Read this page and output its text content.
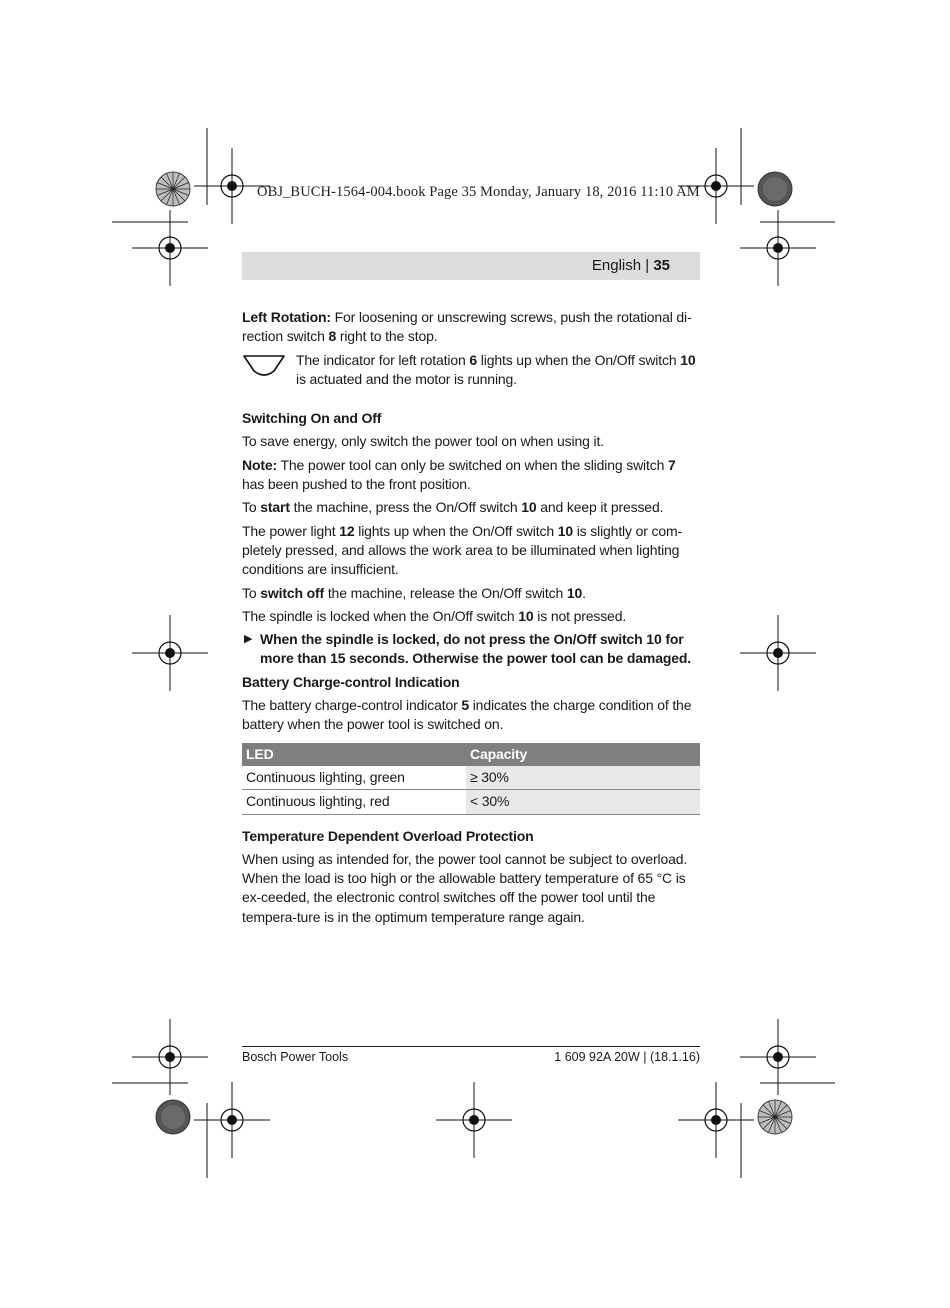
OBJ_BUCH-1564-004.book Page 35 Monday, January 18, 2016 11:10 AM
English | 35

Left Rotation: For loosening or unscrewing screws, push the rotational di-rection switch 8 right to the stop.

The indicator for left rotation 6 lights up when the On/Off switch 10 is actuated and the motor is running.
Switching On and Off

To save energy, only switch the power tool on when using it.

Note: The power tool can only be switched on when the sliding switch 7 has been pushed to the front position.

To start the machine, press the On/Off switch 10 and keep it pressed.

The power light 12 lights up when the On/Off switch 10 is slightly or com-pletely pressed, and allows the work area to be illuminated when lighting conditions are insufficient.

To switch off the machine, release the On/Off switch 10.

The spindle is locked when the On/Off switch 10 is not pressed.

▶ When the spindle is locked, do not press the On/Off switch 10 for more than 15 seconds. Otherwise the power tool can be damaged.
Battery Charge-control Indication

The battery charge-control indicator 5 indicates the charge condition of the battery when the power tool is switched on.

LED	Capacity
Continuous lighting, green	≥ 30%
Continuous lighting, red	< 30%
Temperature Dependent Overload Protection

When using as intended for, the power tool cannot be subject to overload. When the load is too high or the allowable battery temperature of 65 °C is ex-ceeded, the electronic control switches off the power tool until the tempera-ture is in the optimum temperature range again.

Bosch Power Tools	1 609 92A 20W | (18.1.16)
